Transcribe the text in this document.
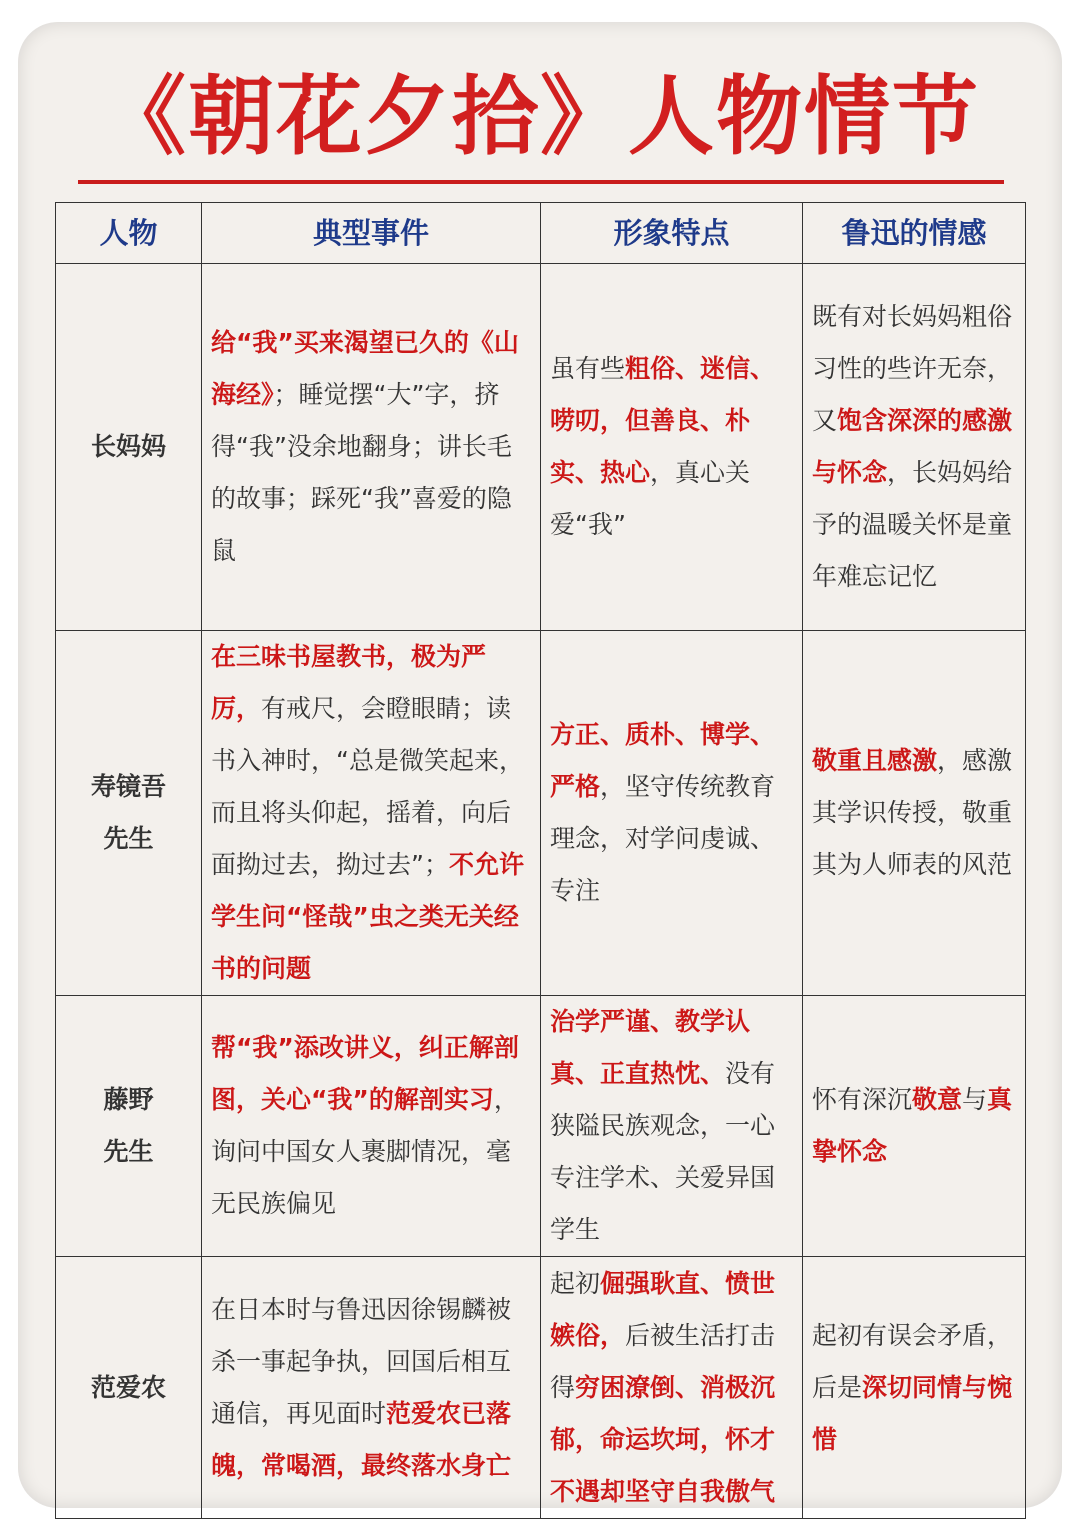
《朝花夕拾》人物情节
人物	典型事件	形象特点	鲁迅的情感
长妈妈	给“我”买来渴望已久的《山海经》；睡觉摆“大”字，挤得“我”没余地翻身；讲长毛的故事；踩死“我”喜爱的隐鼠	虽有些粗俗、迷信、唠叨，但善良、朴实、热心，真心关爱“我”	既有对长妈妈粗俗习性的些许无奈，又饱含深深的感激与怀念，长妈妈给予的温暖关怀是童年难忘记忆
寿镜吾先生	在三味书屋教书，极为严厉，有戒尺，会瞪眼睛；读书入神时，“总是微笑起来，而且将头仰起，摇着，向后面拗过去，拗过去”；不允许学生问“怪哉”虫之类无关经书的问题	方正、质朴、博学、严格，坚守传统教育理念，对学问虔诚、专注	敬重且感激，感激其学识传授，敬重其为人师表的风范
藤野先生	帮“我”添改讲义，纠正解剖图，关心“我”的解剖实习，询问中国女人裹脚情况，毫无民族偏见	治学严谨、教学认真、正直热忱、没有狭隘民族观念，一心专注学术、关爱异国学生	怀有深沉敬意与真挚怀念
范爱农	在日本时与鲁迅因徐锡麟被杀一事起争执，回国后相互通信，再见面时范爱农已落魄，常喝酒，最终落水身亡	起初倔强耿直、愤世嫉俗，后被生活打击得穷困潦倒、消极沉郁，命运坎坷，怀才不遇却坚守自我傲气	起初有误会矛盾，后是深切同情与惋惜
